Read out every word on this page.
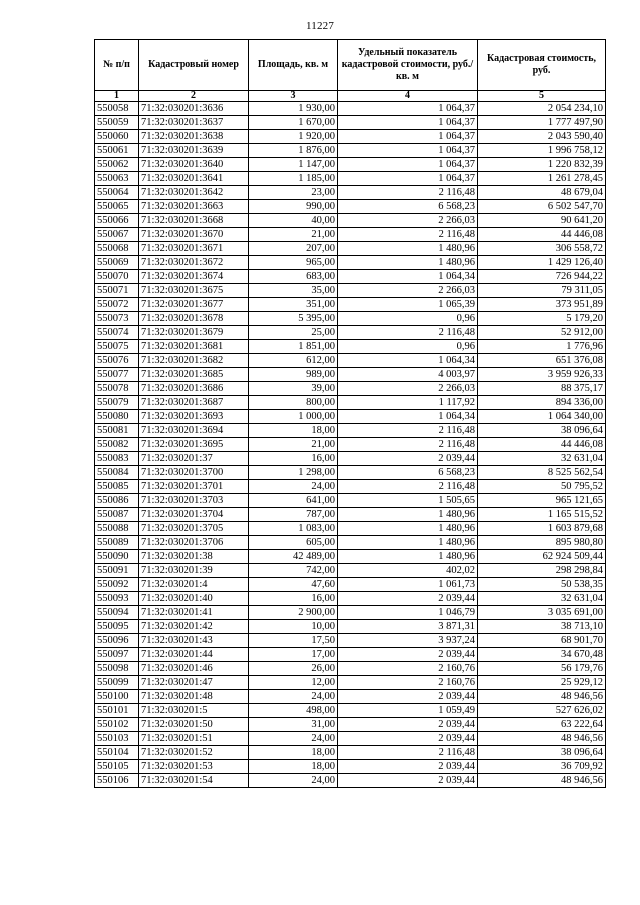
11227
№ п/п	Кадастровый номер	Площадь, кв. м	Удельный показатель кадастровой стоимости, руб./кв. м	Кадастровая стоимость, руб.
1	2	3	4	5
550058	71:32:030201:3636	1 930,00	1 064,37	2 054 234,10
550059	71:32:030201:3637	1 670,00	1 064,37	1 777 497,90
550060	71:32:030201:3638	1 920,00	1 064,37	2 043 590,40
550061	71:32:030201:3639	1 876,00	1 064,37	1 996 758,12
550062	71:32:030201:3640	1 147,00	1 064,37	1 220 832,39
550063	71:32:030201:3641	1 185,00	1 064,37	1 261 278,45
550064	71:32:030201:3642	23,00	2 116,48	48 679,04
550065	71:32:030201:3663	990,00	6 568,23	6 502 547,70
550066	71:32:030201:3668	40,00	2 266,03	90 641,20
550067	71:32:030201:3670	21,00	2 116,48	44 446,08
550068	71:32:030201:3671	207,00	1 480,96	306 558,72
550069	71:32:030201:3672	965,00	1 480,96	1 429 126,40
550070	71:32:030201:3674	683,00	1 064,34	726 944,22
550071	71:32:030201:3675	35,00	2 266,03	79 311,05
550072	71:32:030201:3677	351,00	1 065,39	373 951,89
550073	71:32:030201:3678	5 395,00	0,96	5 179,20
550074	71:32:030201:3679	25,00	2 116,48	52 912,00
550075	71:32:030201:3681	1 851,00	0,96	1 776,96
550076	71:32:030201:3682	612,00	1 064,34	651 376,08
550077	71:32:030201:3685	989,00	4 003,97	3 959 926,33
550078	71:32:030201:3686	39,00	2 266,03	88 375,17
550079	71:32:030201:3687	800,00	1 117,92	894 336,00
550080	71:32:030201:3693	1 000,00	1 064,34	1 064 340,00
550081	71:32:030201:3694	18,00	2 116,48	38 096,64
550082	71:32:030201:3695	21,00	2 116,48	44 446,08
550083	71:32:030201:37	16,00	2 039,44	32 631,04
550084	71:32:030201:3700	1 298,00	6 568,23	8 525 562,54
550085	71:32:030201:3701	24,00	2 116,48	50 795,52
550086	71:32:030201:3703	641,00	1 505,65	965 121,65
550087	71:32:030201:3704	787,00	1 480,96	1 165 515,52
550088	71:32:030201:3705	1 083,00	1 480,96	1 603 879,68
550089	71:32:030201:3706	605,00	1 480,96	895 980,80
550090	71:32:030201:38	42 489,00	1 480,96	62 924 509,44
550091	71:32:030201:39	742,00	402,02	298 298,84
550092	71:32:030201:4	47,60	1 061,73	50 538,35
550093	71:32:030201:40	16,00	2 039,44	32 631,04
550094	71:32:030201:41	2 900,00	1 046,79	3 035 691,00
550095	71:32:030201:42	10,00	3 871,31	38 713,10
550096	71:32:030201:43	17,50	3 937,24	68 901,70
550097	71:32:030201:44	17,00	2 039,44	34 670,48
550098	71:32:030201:46	26,00	2 160,76	56 179,76
550099	71:32:030201:47	12,00	2 160,76	25 929,12
550100	71:32:030201:48	24,00	2 039,44	48 946,56
550101	71:32:030201:5	498,00	1 059,49	527 626,02
550102	71:32:030201:50	31,00	2 039,44	63 222,64
550103	71:32:030201:51	24,00	2 039,44	48 946,56
550104	71:32:030201:52	18,00	2 116,48	38 096,64
550105	71:32:030201:53	18,00	2 039,44	36 709,92
550106	71:32:030201:54	24,00	2 039,44	48 946,56
